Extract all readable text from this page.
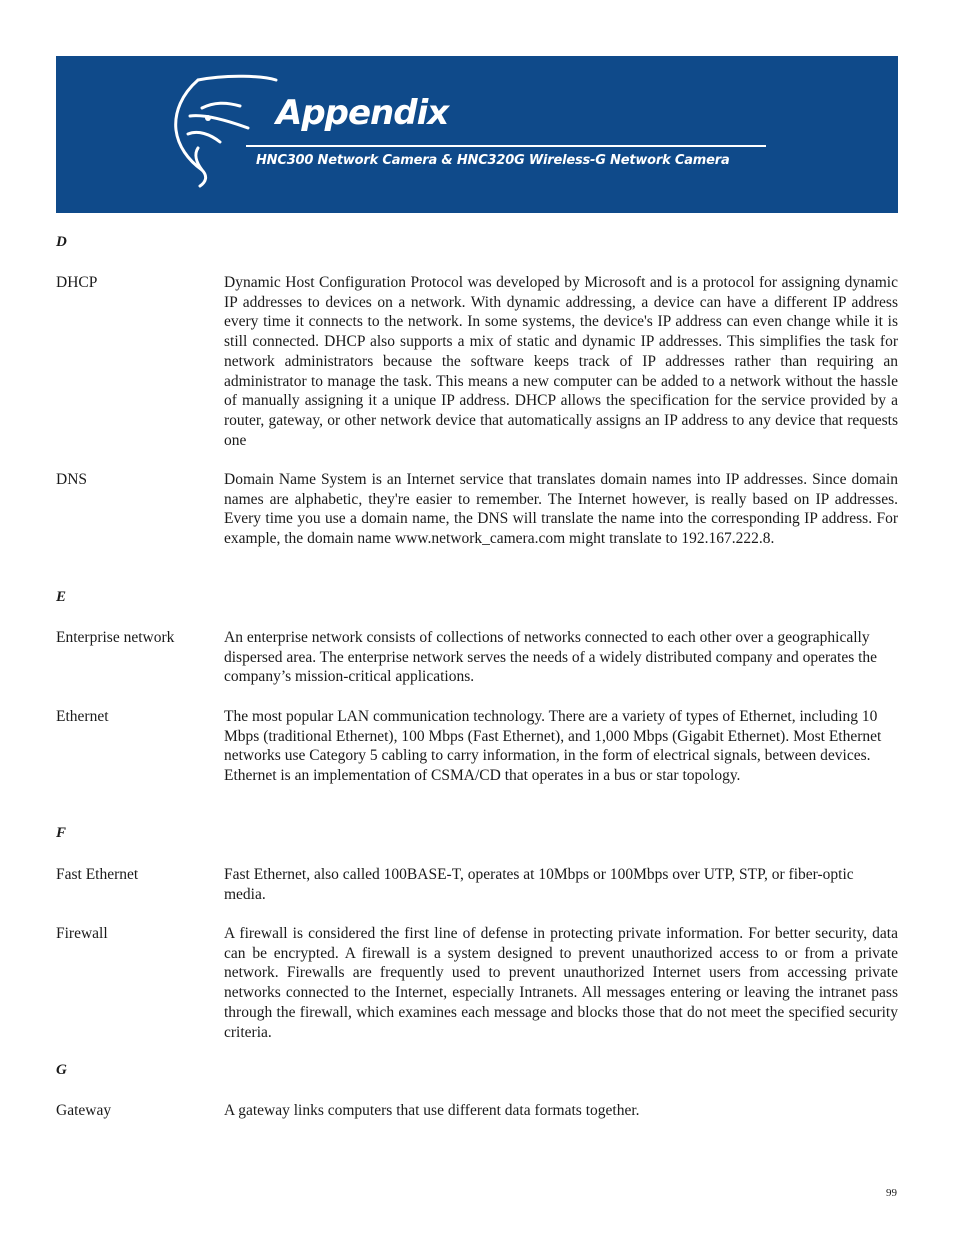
Appendix
HNC300 Network Camera & HNC320G Wireless-G Network Camera
D
DHCP	Dynamic Host Configuration Protocol was developed by Microsoft and is a protocol for assigning dynamic IP addresses to devices on a network. With dynamic addressing, a device can have a different IP address every time it connects to the network. In some systems, the device's IP address can even change while it is still connected. DHCP also supports a mix of static and dynamic IP addresses. This simplifies the task for network administrators because the software keeps track of IP addresses rather than requiring an administrator to manage the task. This means a new computer can be added to a network without the hassle of manually assigning it a unique IP address. DHCP allows the specification for the service provided by a router, gateway, or other network device that automatically assigns an IP address to any device that requests one
DNS	Domain Name System is an Internet service that translates domain names into IP addresses. Since domain names are alphabetic, they're easier to remember. The Internet however, is really based on IP addresses. Every time you use a domain name, the DNS will translate the name into the corresponding IP address. For example, the domain name www.network_camera.com might translate to 192.167.222.8.
E
Enterprise network	An enterprise network consists of collections of networks connected to each other over a geographically dispersed area. The enterprise network serves the needs of a widely distributed company and operates the company’s mission-critical applications.
Ethernet	The most popular LAN communication technology. There are a variety of types of Ethernet, including 10 Mbps (traditional Ethernet), 100 Mbps (Fast Ethernet), and 1,000 Mbps (Gigabit Ethernet). Most Ethernet networks use Category 5 cabling to carry information, in the form of electrical signals, between devices. Ethernet is an implementation of CSMA/CD that operates in a bus or star topology.
F
Fast Ethernet	Fast Ethernet, also called 100BASE-T, operates at 10Mbps or 100Mbps over UTP, STP, or fiber-optic media.
Firewall	A firewall is considered the first line of defense in protecting private information. For better security, data can be encrypted. A firewall is a system designed to prevent unauthorized access to or from a private network. Firewalls are frequently used to prevent unauthorized Internet users from accessing private networks connected to the Internet, especially Intranets. All messages entering or leaving the intranet pass through the firewall, which examines each message and blocks those that do not meet the specified security criteria.
G
Gateway	A gateway links computers that use different data formats together.
99
